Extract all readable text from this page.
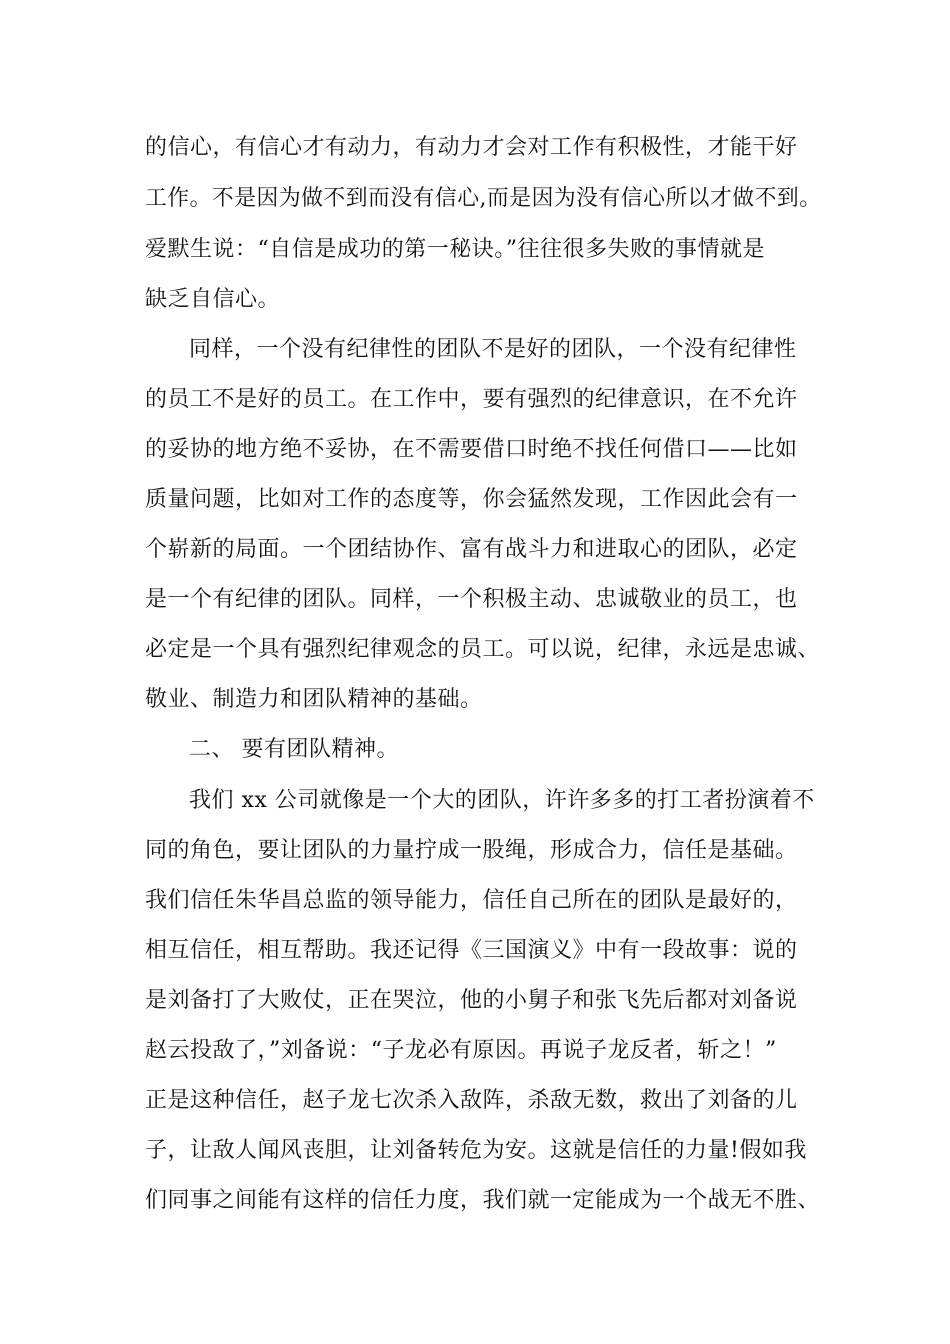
的信心，有信心才有动力，有动力才会对工作有积极性，才能干好
工作。不是因为做不到而没有信心,而是因为没有信心所以才做不到。
爱默生说：“自信是成功的第一秘诀。”往往很多失败的事情就是
缺乏自信心。
同样，一个没有纪律性的团队不是好的团队，一个没有纪律性
的员工不是好的员工。在工作中，要有强烈的纪律意识，在不允许
的妥协的地方绝不妥协，在不需要借口时绝不找任何借口——比如
质量问题，比如对工作的态度等，你会猛然发现，工作因此会有一
个崭新的局面。一个团结协作、富有战斗力和进取心的团队，必定
是一个有纪律的团队。同样，一个积极主动、忠诚敬业的员工，也
必定是一个具有强烈纪律观念的员工。可以说，纪律，永远是忠诚、
敬业、制造力和团队精神的基础。
二、 要有团队精神。
我们 xx 公司就像是一个大的团队，许许多多的打工者扮演着不
同的角色，要让团队的力量拧成一股绳，形成合力，信任是基础。
我们信任朱华昌总监的领导能力，信任自己所在的团队是最好的，
相互信任，相互帮助。我还记得《三国演义》中有一段故事：说的
是刘备打了大败仗，正在哭泣，他的小舅子和张飞先后都对刘备说
赵云投敌了，”刘备说：“子龙必有原因。再说子龙反者，斩之！”
正是这种信任，赵子龙七次杀入敌阵，杀敌无数，救出了刘备的儿
子，让敌人闻风丧胆，让刘备转危为安。这就是信任的力量!假如我
们同事之间能有这样的信任力度，我们就一定能成为一个战无不胜、
